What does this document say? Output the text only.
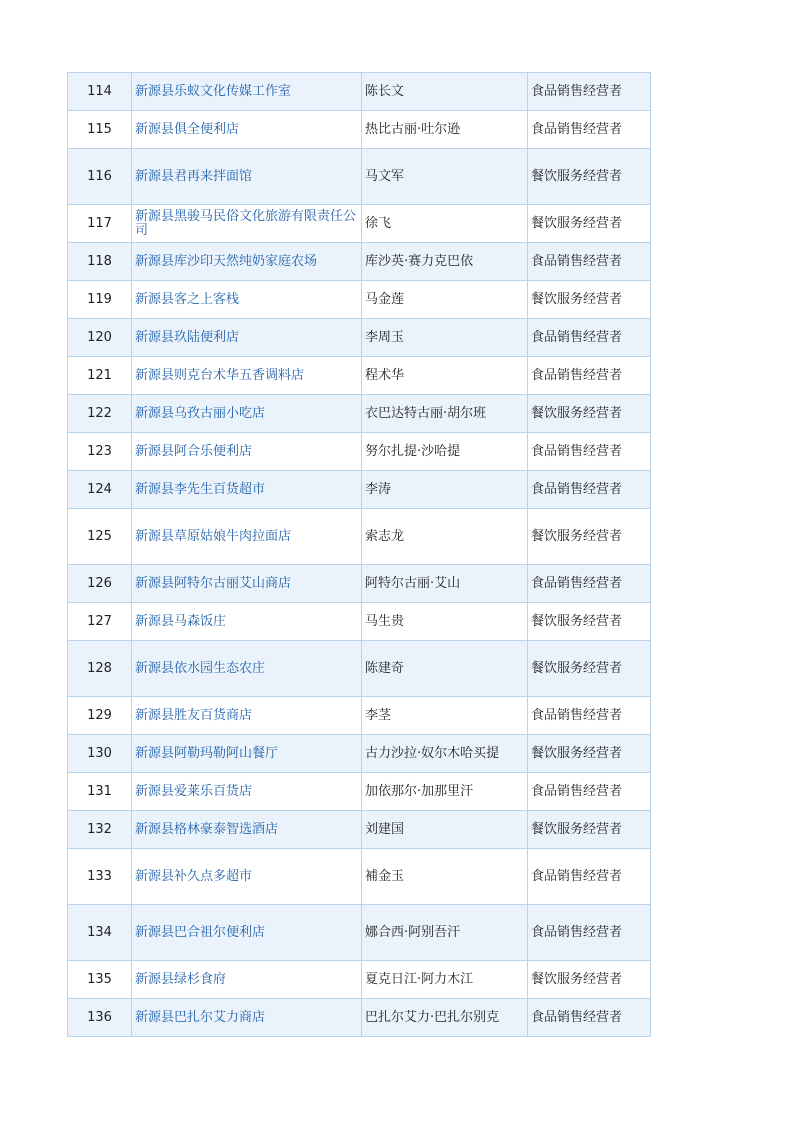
114	新源县乐蚁文化传媒工作室	陈长文	食品销售经营者
115	新源县俱全便利店	热比古丽·吐尔逊	食品销售经营者
116	新源县君再来拌面馆	马文军	餐饮服务经营者
117	新源县黑骏马民俗文化旅游有限责任公司	徐飞	餐饮服务经营者
118	新源县库沙印天然纯奶家庭农场	库沙英·赛力克巴依	食品销售经营者
119	新源县客之上客栈	马金莲	餐饮服务经营者
120	新源县玖陆便利店	李周玉	食品销售经营者
121	新源县则克台术华五香调料店	程术华	食品销售经营者
122	新源县乌孜古丽小吃店	衣巴达特古丽·胡尔班	餐饮服务经营者
123	新源县阿合乐便利店	努尔扎提·沙哈提	食品销售经营者
124	新源县李先生百货超市	李涛	食品销售经营者
125	新源县草原姑娘牛肉拉面店	索志龙	餐饮服务经营者
126	新源县阿特尔古丽艾山商店	阿特尔古丽·艾山	食品销售经营者
127	新源县马森饭庄	马生贵	餐饮服务经营者
128	新源县依水园生态农庄	陈建奇	餐饮服务经营者
129	新源县胜友百货商店	李茎	食品销售经营者
130	新源县阿勒玛勒阿山餐厅	古力沙拉·奴尔木哈买提	餐饮服务经营者
131	新源县爱莱乐百货店	加依那尔·加那里汗	食品销售经营者
132	新源县格林豪泰智选酒店	刘建国	餐饮服务经营者
133	新源县补久点多超市	補金玉	食品销售经营者
134	新源县巴合祖尔便利店	娜合西·阿别吾汗	食品销售经营者
135	新源县绿杉食府	夏克日江·阿力木江	餐饮服务经营者
136	新源县巴扎尔艾力商店	巴扎尔艾力·巴扎尔别克	食品销售经营者
